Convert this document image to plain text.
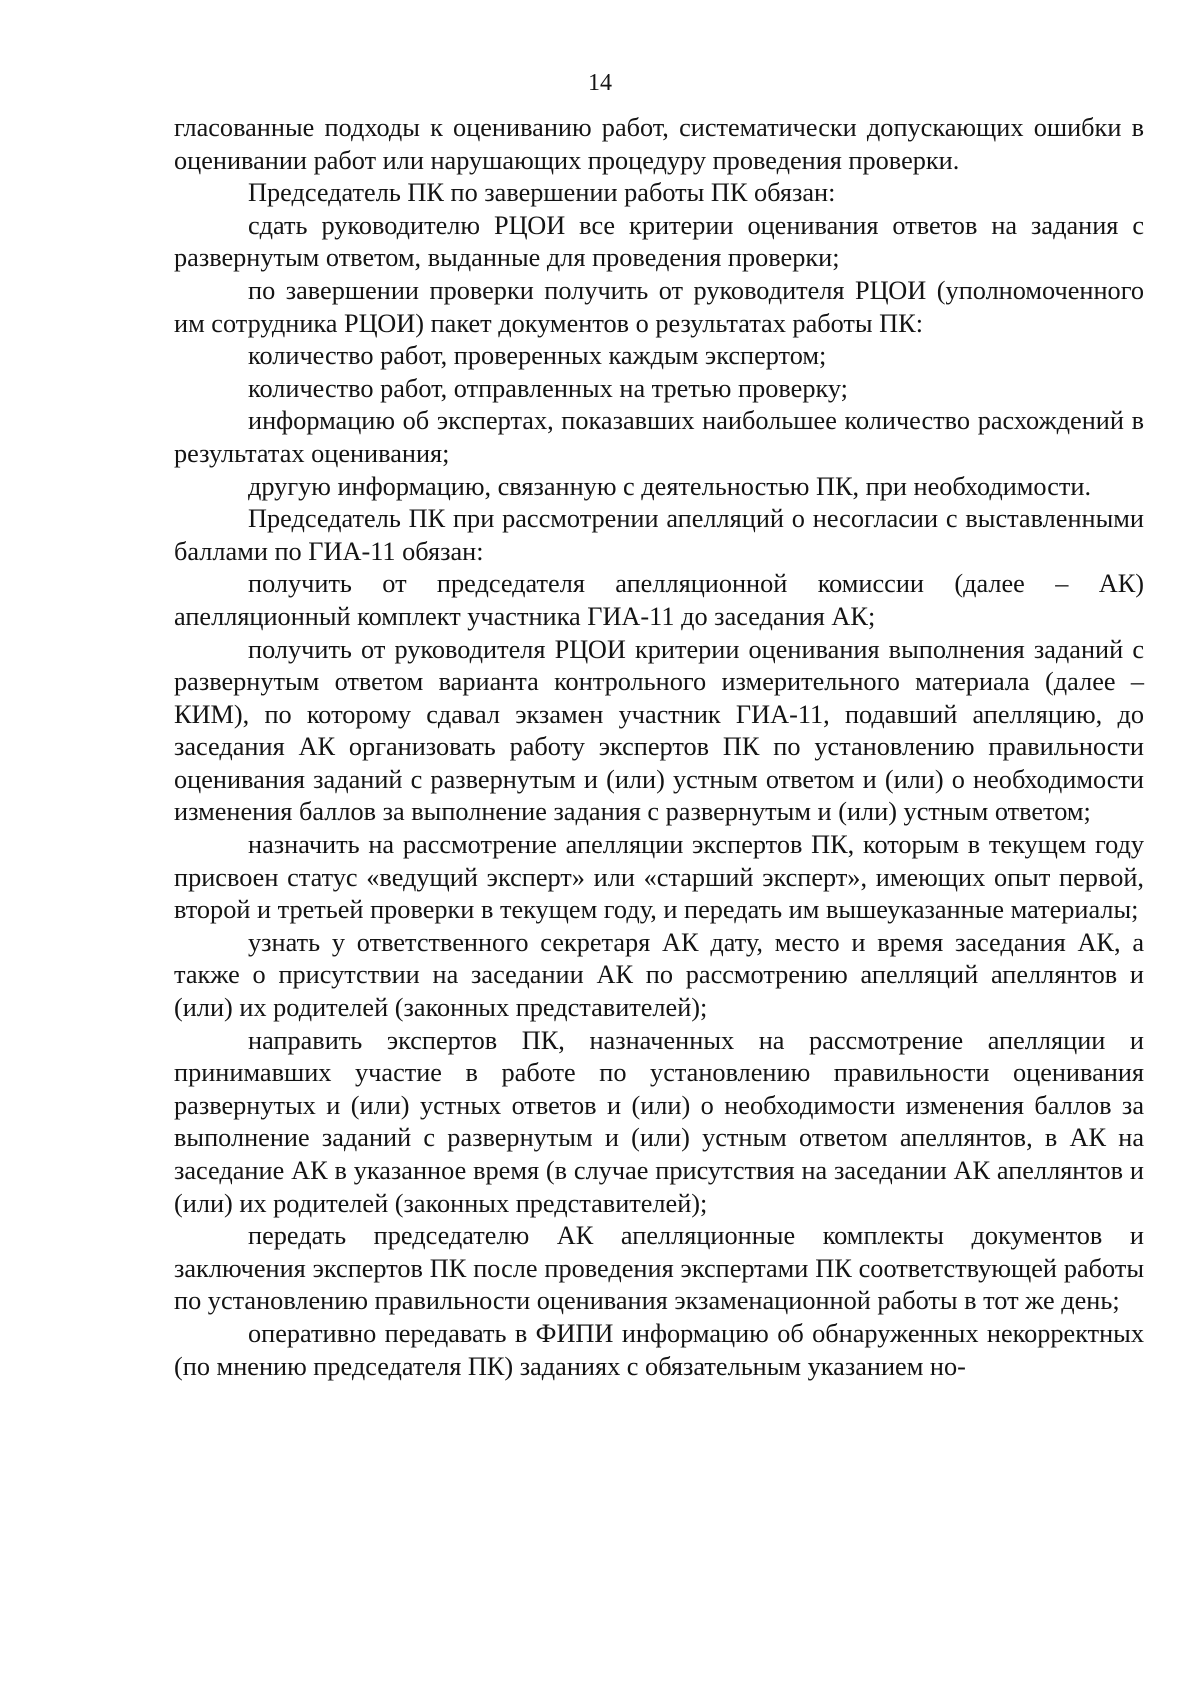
14

гласованные подходы к оцениванию работ, систематически допускающих ошибки в оценивании работ или нарушающих процедуру проведения проверки.

Председатель ПК по завершении работы ПК обязан:

сдать руководителю РЦОИ все критерии оценивания ответов на задания с развернутым ответом, выданные для проведения проверки;

по завершении проверки получить от руководителя РЦОИ (уполномоченного им сотрудника РЦОИ) пакет документов о результатах работы ПК:

количество работ, проверенных каждым экспертом;

количество работ, отправленных на третью проверку;

информацию об экспертах, показавших наибольшее количество расхождений в результатах оценивания;

другую информацию, связанную с деятельностью ПК, при необходимости.

Председатель ПК при рассмотрении апелляций о несогласии с выставленными баллами по ГИА-11 обязан:

получить от председателя апелляционной комиссии (далее – АК) апелляционный комплект участника ГИА-11 до заседания АК;

получить от руководителя РЦОИ критерии оценивания выполнения заданий с развернутым ответом варианта контрольного измерительного материала (далее – КИМ), по которому сдавал экзамен участник ГИА-11, подавший апелляцию, до заседания АК организовать работу экспертов ПК по установлению правильности оценивания заданий с развернутым и (или) устным ответом и (или) о необходимости изменения баллов за выполнение задания с развернутым и (или) устным ответом;

назначить на рассмотрение апелляции экспертов ПК, которым в текущем году присвоен статус «ведущий эксперт» или «старший эксперт», имеющих опыт первой, второй и третьей проверки в текущем году, и передать им вышеуказанные материалы;

узнать у ответственного секретаря АК дату, место и время заседания АК, а также о присутствии на заседании АК по рассмотрению апелляций апеллянтов и (или) их родителей (законных представителей);

направить экспертов ПК, назначенных на рассмотрение апелляции и принимавших участие в работе по установлению правильности оценивания развернутых и (или) устных ответов и (или) о необходимости изменения баллов за выполнение заданий с развернутым и (или) устным ответом апеллянтов, в АК на заседание АК в указанное время (в случае присутствия на заседании АК апеллянтов и (или) их родителей (законных представителей);

передать председателю АК апелляционные комплекты документов и заключения экспертов ПК после проведения экспертами ПК соответствующей работы по установлению правильности оценивания экзаменационной работы в тот же день;

оперативно передавать в ФИПИ информацию об обнаруженных некорректных (по мнению председателя ПК) заданиях с обязательным указанием но-
